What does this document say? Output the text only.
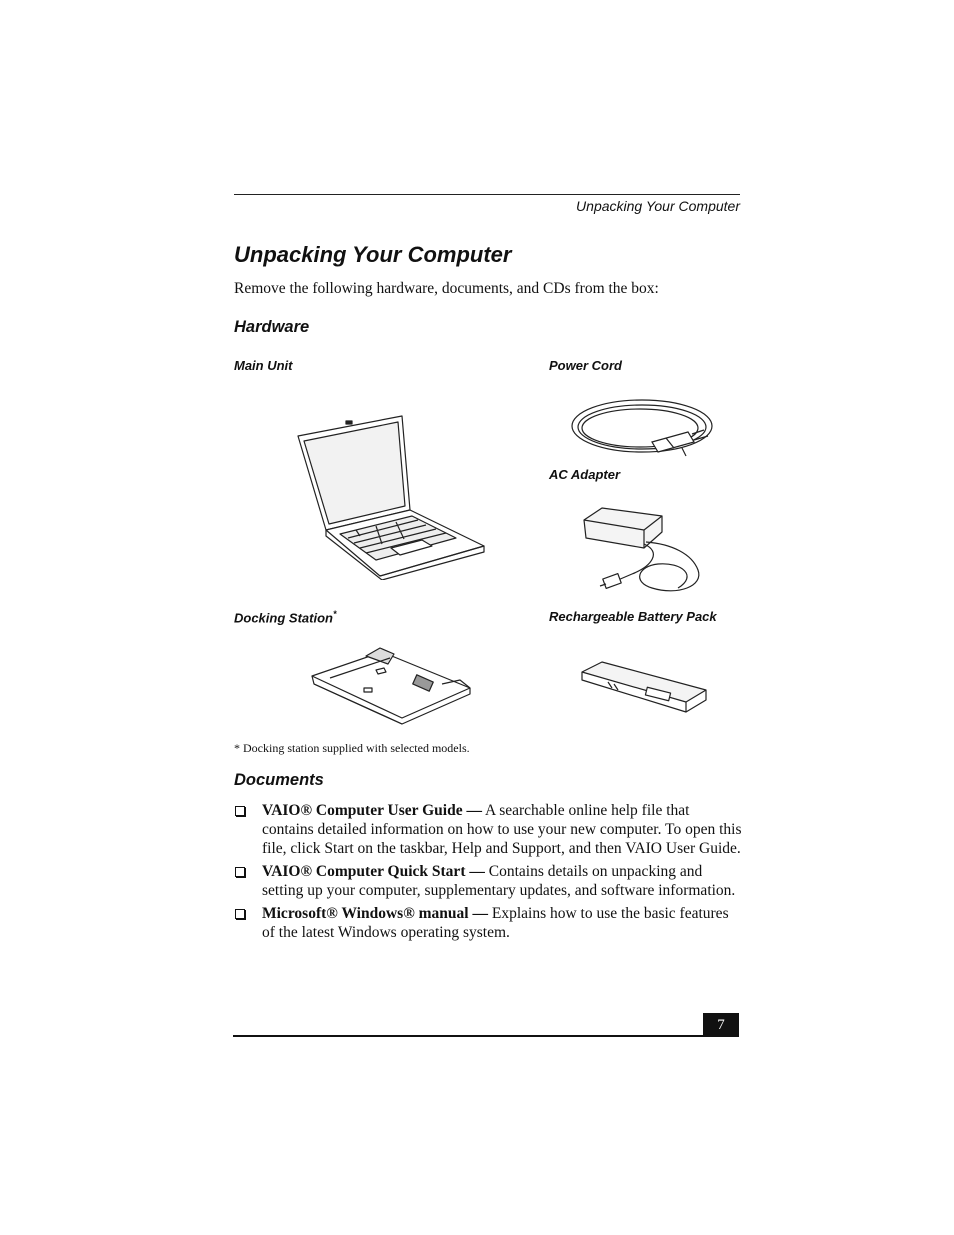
Unpacking Your Computer
Unpacking Your Computer
Remove the following hardware, documents, and CDs from the box:
Hardware
Main Unit	Power Cord
AC Adapter
Docking Station*	Rechargeable Battery Pack
* Docking station supplied with selected models.
Documents
VAIO® Computer User Guide — A searchable online help file that contains detailed information on how to use your new computer. To open this file, click Start on the taskbar, Help and Support, and then VAIO User Guide.
VAIO® Computer Quick Start — Contains details on unpacking and setting up your computer, supplementary updates, and software information.
Microsoft® Windows® manual — Explains how to use the basic features of the latest Windows operating system.
7
